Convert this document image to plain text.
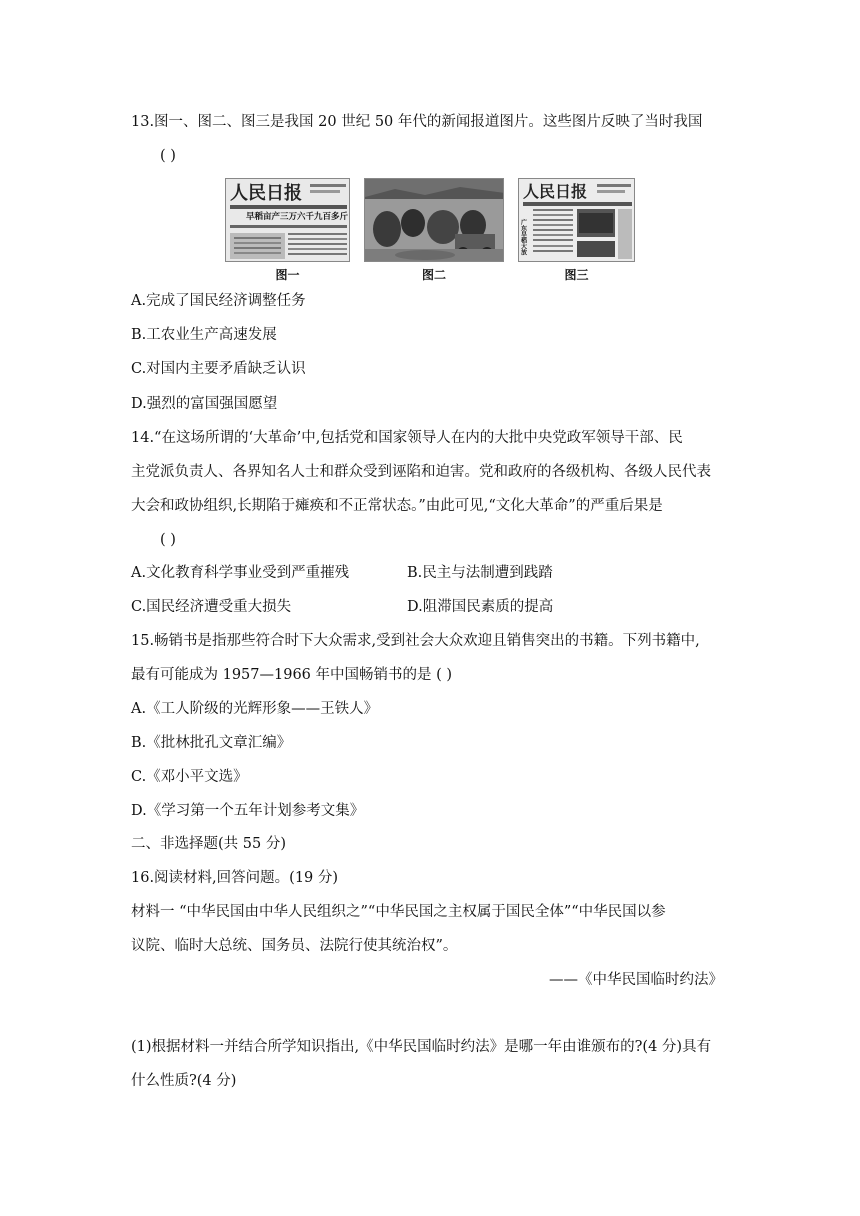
13.图一、图二、图三是我国 20 世纪 50 年代的新闻报道图片。这些图片反映了当时我国
( )
人民日报
早稻亩产三万六千九百多斤
图一	图二
人民日报
广东早稻大放
图三
A.完成了国民经济调整任务
B.工农业生产高速发展
C.对国内主要矛盾缺乏认识
D.强烈的富国强国愿望
14.“在这场所谓的‘大革命’中,包括党和国家领导人在内的大批中央党政军领导干部、民
主党派负责人、各界知名人士和群众受到诬陷和迫害。党和政府的各级机构、各级人民代表
大会和政协组织,长期陷于瘫痪和不正常状态。”由此可见,“文化大革命”的严重后果是
( )
A.文化教育科学事业受到严重摧残	B.民主与法制遭到践踏
C.国民经济遭受重大损失	D.阻滞国民素质的提高
15.畅销书是指那些符合时下大众需求,受到社会大众欢迎且销售突出的书籍。下列书籍中,
最有可能成为 1957—1966 年中国畅销书的是 ( )
A.《工人阶级的光辉形象——王铁人》
B.《批林批孔文章汇编》
C.《邓小平文选》
D.《学习第一个五年计划参考文集》
二、非选择题(共 55 分)
16.阅读材料,回答问题。(19 分)
材料一 “中华民国由中华人民组织之”“中华民国之主权属于国民全体”“中华民国以参
议院、临时大总统、国务员、法院行使其统治权”。
——《中华民国临时约法》
(1)根据材料一并结合所学知识指出,《中华民国临时约法》是哪一年由谁颁布的?(4 分)具有
什么性质?(4 分)
